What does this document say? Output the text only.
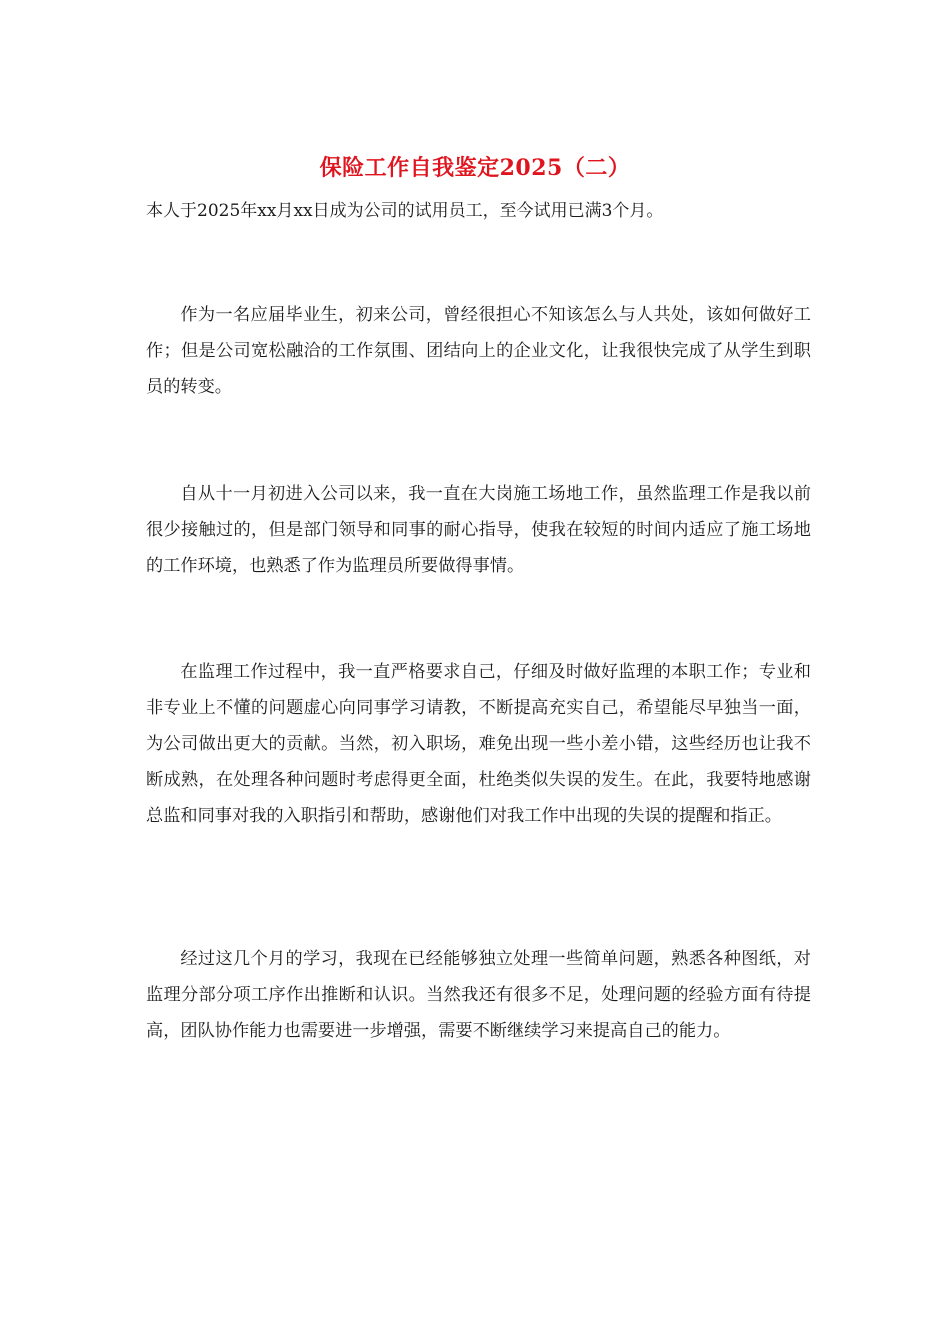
保险工作自我鉴定2025（二）

本人于2025年xx月xx日成为公司的试用员工，至今试用已满3个月。

作为一名应届毕业生，初来公司，曾经很担心不知该怎么与人共处，该如何做好工作；但是公司宽松融洽的工作氛围、团结向上的企业文化，让我很快完成了从学生到职员的转变。

自从十一月初进入公司以来，我一直在大岗施工场地工作，虽然监理工作是我以前很少接触过的，但是部门领导和同事的耐心指导，使我在较短的时间内适应了施工场地的工作环境，也熟悉了作为监理员所要做得事情。

在监理工作过程中，我一直严格要求自己，仔细及时做好监理的本职工作；专业和非专业上不懂的问题虚心向同事学习请教，不断提高充实自己，希望能尽早独当一面，为公司做出更大的贡献。当然，初入职场，难免出现一些小差小错，这些经历也让我不断成熟，在处理各种问题时考虑得更全面，杜绝类似失误的发生。在此，我要特地感谢总监和同事对我的入职指引和帮助，感谢他们对我工作中出现的失误的提醒和指正。

经过这几个月的学习，我现在已经能够独立处理一些简单问题，熟悉各种图纸，对监理分部分项工序作出推断和认识。当然我还有很多不足，处理问题的经验方面有待提高，团队协作能力也需要进一步增强，需要不断继续学习来提高自己的能力。
